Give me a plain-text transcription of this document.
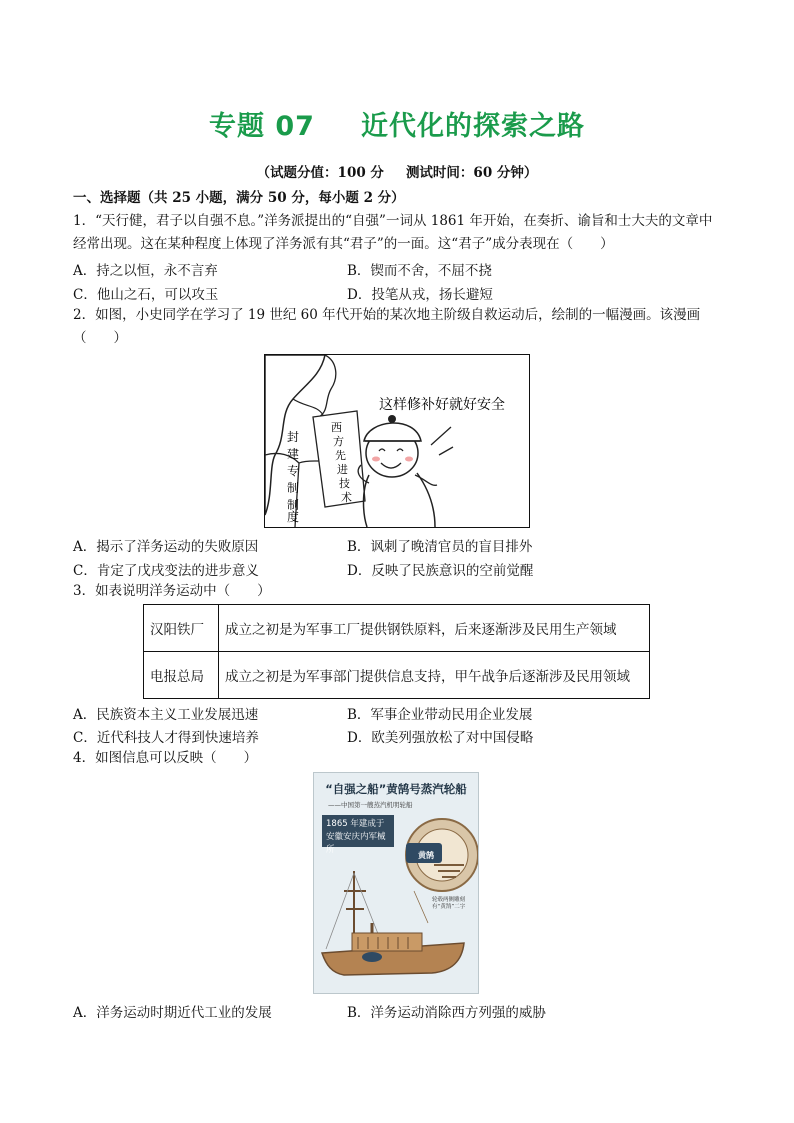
专题 07 近代化的探索之路
（试题分值：100 分 测试时间：60 分钟）
一、选择题（共 25 小题，满分 50 分，每小题 2 分）
1．“天行健，君子以自强不息。”洋务派提出的“自强”一词从 1861 年开始，在奏折、谕旨和士大夫的文章中
经常出现。这在某种程度上体现了洋务派有其“君子”的一面。这“君子”成分表现在（　　）
A．持之以恒，永不言弃	B．锲而不舍，不屈不挠
C．他山之石，可以攻玉	D．投笔从戎，扬长避短
2．如图，小史同学在学习了 19 世纪 60 年代开始的某次地主阶级自救运动后，绘制的一幅漫画。该漫画
（　　）
封
建
专
制
制
度
西
方
先
进
技
术
这样修补好就好安全
A．揭示了洋务运动的失败原因	B．讽刺了晚清官员的盲目排外
C．肯定了戊戌变法的进步意义	D．反映了民族意识的空前觉醒
3．如表说明洋务运动中（　　）
汉阳铁厂	成立之初是为军事工厂提供钢铁原料，后来逐渐涉及民用生产领域
电报总局	成立之初是为军事部门提供信息支持，甲午战争后逐渐涉及民用领域
A．民族资本主义工业发展迅速	B．军事企业带动民用企业发展
C．近代科技人才得到快速培养	D．欧美列强放松了对中国侵略
4．如图信息可以反映（　　）
“自强之船”黄鹄号蒸汽轮船
——中国第一艘蒸汽机明轮船
1865 年建成于安徽安庆内军械所	黄鹄
轮毂两侧雕刻有“黄鹄”二字
A．洋务运动时期近代工业的发展	B．洋务运动消除西方列强的威胁
